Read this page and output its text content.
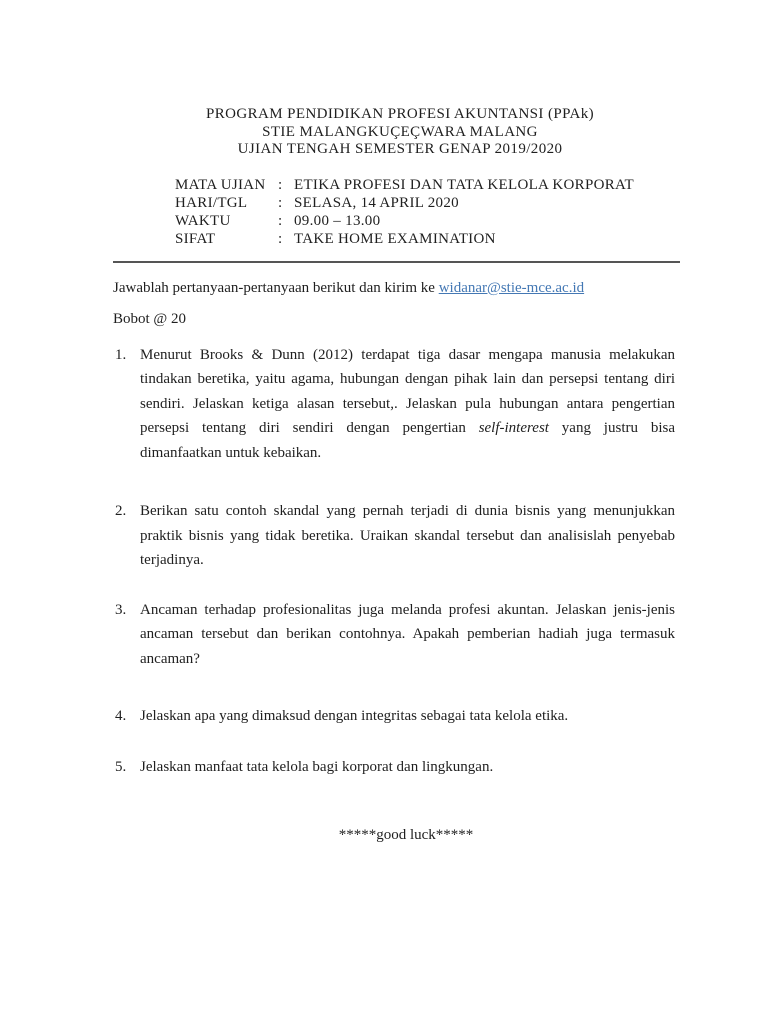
PROGRAM PENDIDIKAN PROFESI AKUNTANSI (PPAk)
STIE MALANGKUÇEÇWARA MALANG
UJIAN TENGAH SEMESTER GENAP 2019/2020
MATA UJIAN : ETIKA PROFESI DAN TATA KELOLA KORPORAT
HARI/TGL	: SELASA, 14 APRIL 2020
WAKTU	: 09.00 – 13.00
SIFAT	: TAKE HOME EXAMINATION

Jawablah pertanyaan-pertanyaan berikut dan kirim ke widanar@stie-mce.ac.id

Bobot @ 20

1. Menurut Brooks & Dunn (2012) terdapat tiga dasar mengapa manusia melakukan tindakan beretika, yaitu agama, hubungan dengan pihak lain dan persepsi tentang diri sendiri. Jelaskan ketiga alasan tersebut,. Jelaskan pula hubungan antara pengertian persepsi tentang diri sendiri dengan pengertian self-interest yang justru bisa dimanfaatkan untuk kebaikan.
2. Berikan satu contoh skandal yang pernah terjadi di dunia bisnis yang menunjukkan praktik bisnis yang tidak beretika. Uraikan skandal tersebut dan analisislah penyebab terjadinya.
3. Ancaman terhadap profesionalitas juga melanda profesi akuntan. Jelaskan jenis-jenis ancaman tersebut dan berikan contohnya. Apakah pemberian hadiah juga termasuk ancaman?
4. Jelaskan apa yang dimaksud dengan integritas sebagai tata kelola etika.
5. Jelaskan manfaat tata kelola bagi korporat dan lingkungan.
*****good luck*****
